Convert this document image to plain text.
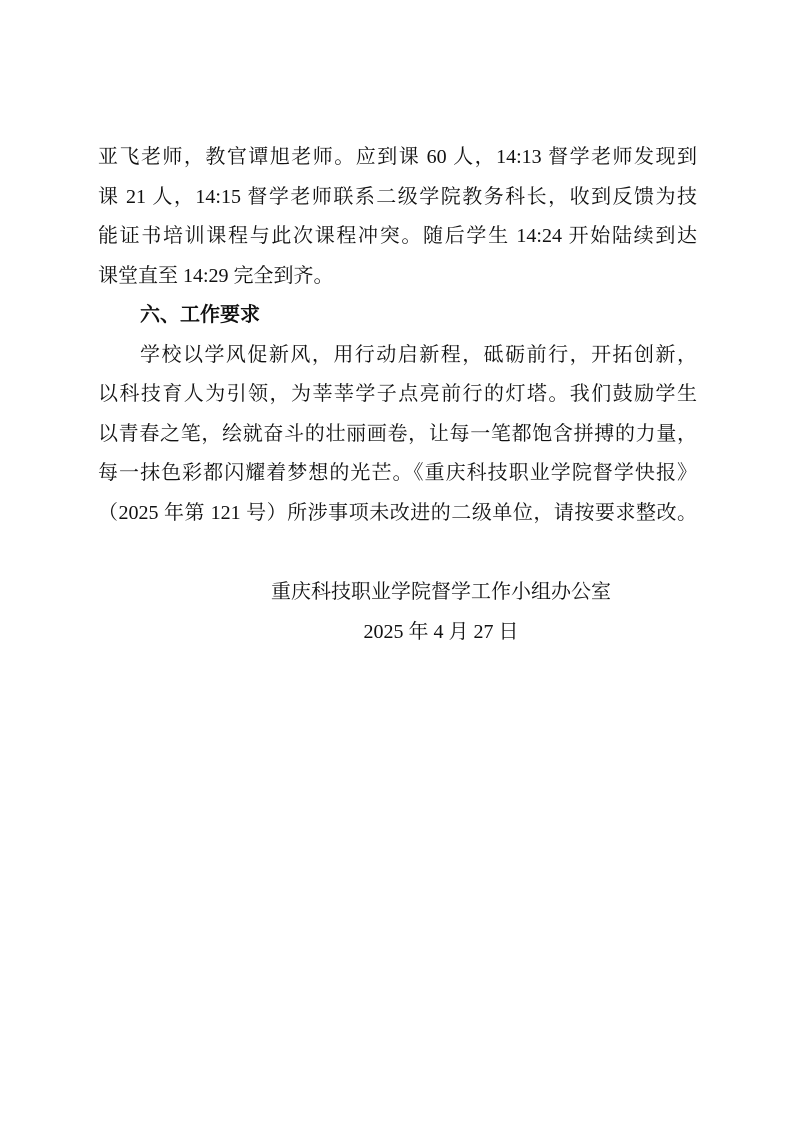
亚飞老师，教官谭旭老师。应到课 60 人，14:13 督学老师发现到
课 21 人，14:15 督学老师联系二级学院教务科长，收到反馈为技
能证书培训课程与此次课程冲突。随后学生 14:24 开始陆续到达
课堂直至 14:29 完全到齐。
六、工作要求
学校以学风促新风，用行动启新程，砥砺前行，开拓创新，
以科技育人为引领，为莘莘学子点亮前行的灯塔。我们鼓励学生
以青春之笔，绘就奋斗的壮丽画卷，让每一笔都饱含拼搏的力量，
每一抹色彩都闪耀着梦想的光芒。《重庆科技职业学院督学快报》
（2025 年第 121 号）所涉事项未改进的二级单位，请按要求整改。
重庆科技职业学院督学工作小组办公室
2025 年 4 月 27 日
